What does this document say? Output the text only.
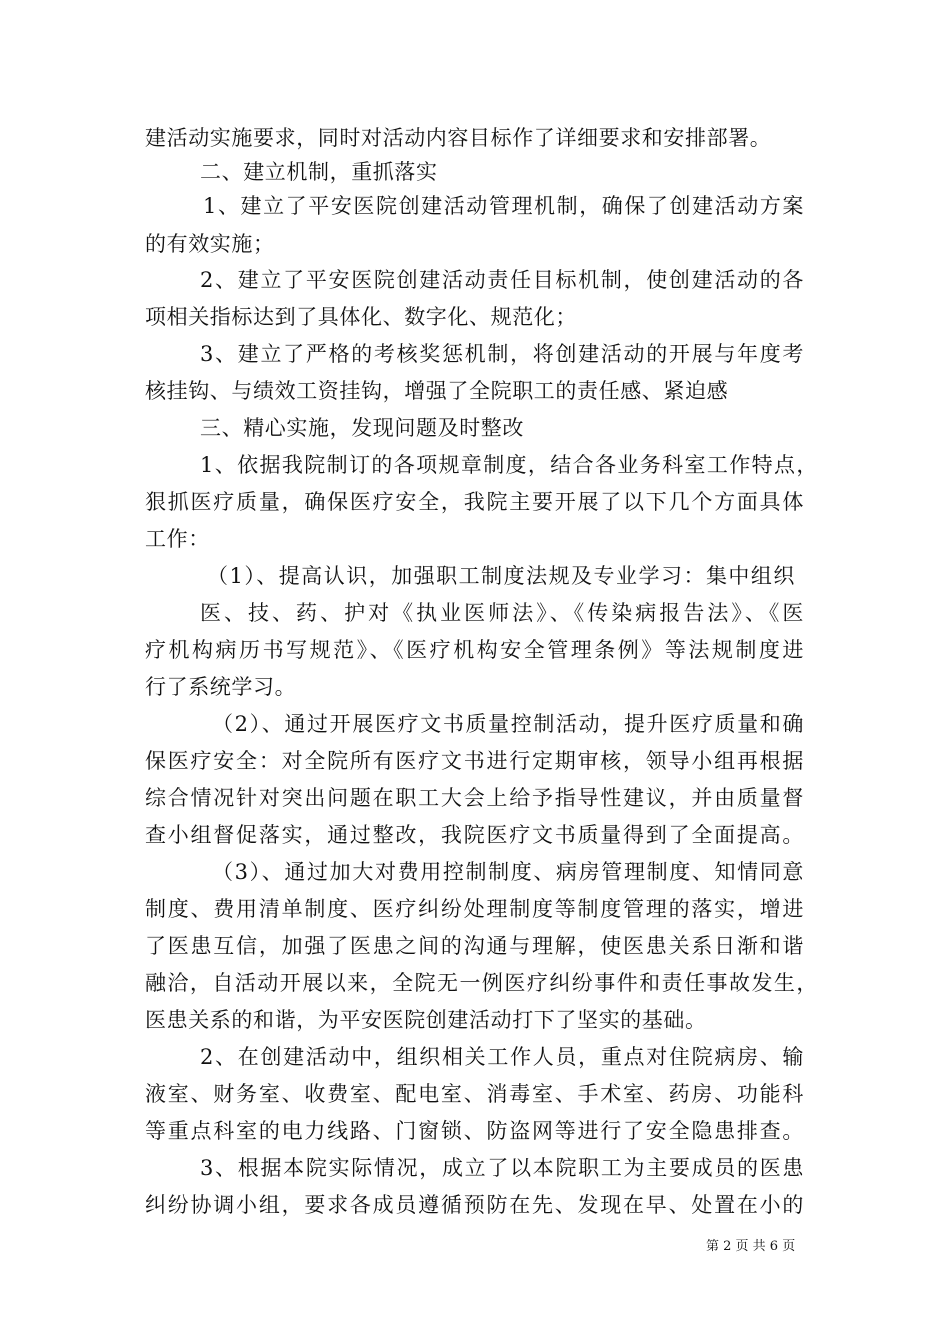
建活动实施要求，同时对活动内容目标作了详细要求和安排部署。
二、建立机制，重抓落实
1、建立了平安医院创建活动管理机制，确保了创建活动方案
的有效实施；
2、建立了平安医院创建活动责任目标机制，使创建活动的各
项相关指标达到了具体化、数字化、规范化；
3、建立了严格的考核奖惩机制，将创建活动的开展与年度考
核挂钩、与绩效工资挂钩，增强了全院职工的责任感、紧迫感
三、精心实施，发现问题及时整改
1、依据我院制订的各项规章制度，结合各业务科室工作特点，
狠抓医疗质量，确保医疗安全，我院主要开展了以下几个方面具体
工作：
（1）、提高认识，加强职工制度法规及专业学习：集中组织
医、技、药、护对《执业医师法》、《传染病报告法》、《医
疗机构病历书写规范》、《医疗机构安全管理条例》等法规制度进
行了系统学习。
（2）、通过开展医疗文书质量控制活动，提升医疗质量和确
保医疗安全：对全院所有医疗文书进行定期审核，领导小组再根据
综合情况针对突出问题在职工大会上给予指导性建议，并由质量督
查小组督促落实，通过整改，我院医疗文书质量得到了全面提高。
（3）、通过加大对费用控制制度、病房管理制度、知情同意
制度、费用清单制度、医疗纠纷处理制度等制度管理的落实，增进
了医患互信，加强了医患之间的沟通与理解，使医患关系日渐和谐
融洽，自活动开展以来，全院无一例医疗纠纷事件和责任事故发生，
医患关系的和谐，为平安医院创建活动打下了坚实的基础。
2、在创建活动中，组织相关工作人员，重点对住院病房、输
液室、财务室、收费室、配电室、消毒室、手术室、药房、功能科
等重点科室的电力线路、门窗锁、防盗网等进行了安全隐患排查。
3、根据本院实际情况，成立了以本院职工为主要成员的医患
纠纷协调小组，要求各成员遵循预防在先、发现在早、处置在小的
第 2 页 共 6 页
